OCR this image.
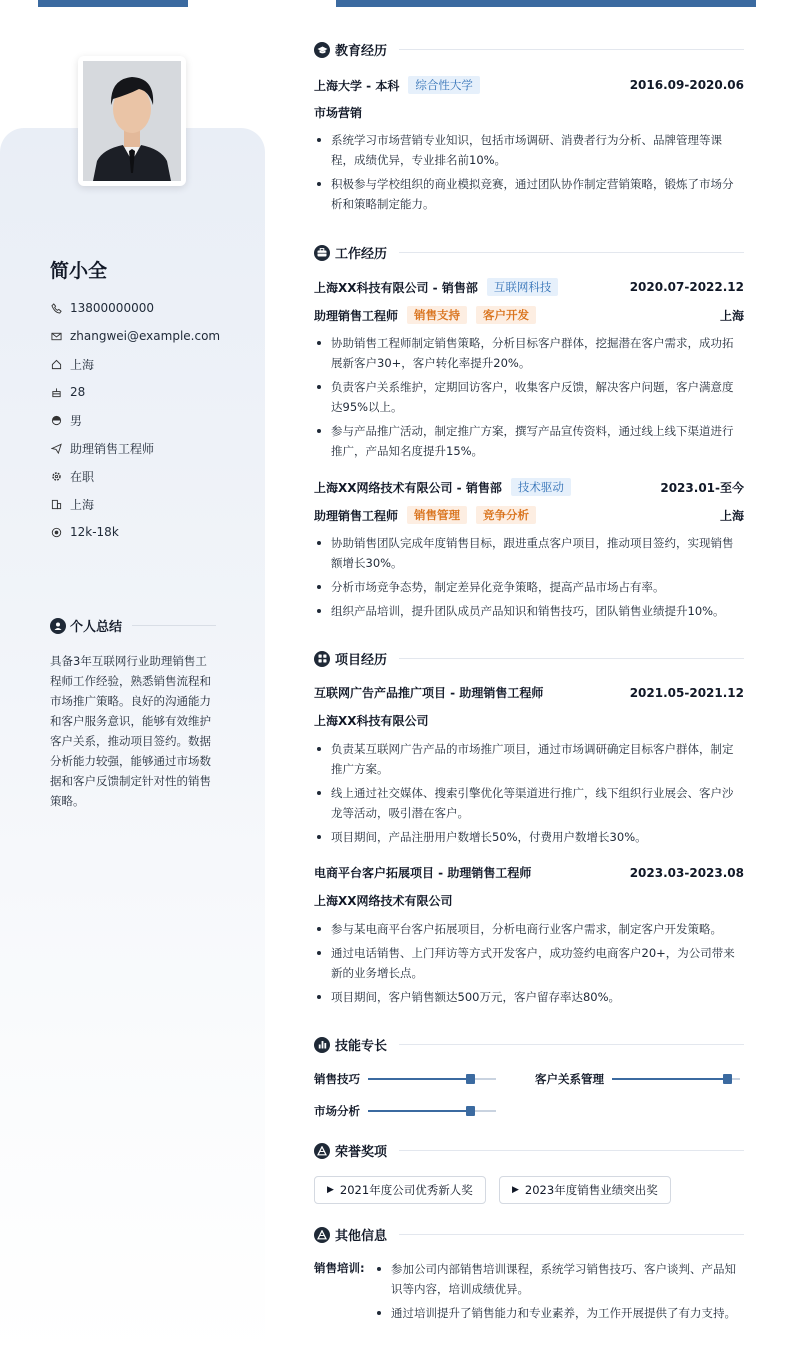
简小全
13800000000
zhangwei@example.com
上海
28
男
助理销售工程师
在职
上海
12k-18k
个人总结
具备3年互联网行业助理销售工程师工作经验，熟悉销售流程和市场推广策略。良好的沟通能力和客户服务意识，能够有效维护客户关系，推动项目签约。数据分析能力较强，能够通过市场数据和客户反馈制定针对性的销售策略。
教育经历
上海大学 - 本科	综合性大学	2016.09-2020.06
市场营销
系统学习市场营销专业知识，包括市场调研、消费者行为分析、品牌管理等课程，成绩优异，专业排名前10%。
积极参与学校组织的商业模拟竞赛，通过团队协作制定营销策略，锻炼了市场分析和策略制定能力。
工作经历
上海XX科技有限公司 - 销售部	互联网科技	2020.07-2022.12
助理销售工程师	销售支持	客户开发	上海
协助销售工程师制定销售策略，分析目标客户群体，挖掘潜在客户需求，成功拓展新客户30+，客户转化率提升20%。
负责客户关系维护，定期回访客户，收集客户反馈，解决客户问题，客户满意度达95%以上。
参与产品推广活动，制定推广方案，撰写产品宣传资料，通过线上线下渠道进行推广，产品知名度提升15%。
上海XX网络技术有限公司 - 销售部	技术驱动	2023.01-至今
助理销售工程师	销售管理	竞争分析	上海
协助销售团队完成年度销售目标，跟进重点客户项目，推动项目签约，实现销售额增长30%。
分析市场竞争态势，制定差异化竞争策略，提高产品市场占有率。
组织产品培训，提升团队成员产品知识和销售技巧，团队销售业绩提升10%。
项目经历
互联网广告产品推广项目 - 助理销售工程师	2021.05-2021.12
上海XX科技有限公司
负责某互联网广告产品的市场推广项目，通过市场调研确定目标客户群体，制定推广方案。
线上通过社交媒体、搜索引擎优化等渠道进行推广，线下组织行业展会、客户沙龙等活动，吸引潜在客户。
项目期间，产品注册用户数增长50%，付费用户数增长30%。
电商平台客户拓展项目 - 助理销售工程师	2023.03-2023.08
上海XX网络技术有限公司
参与某电商平台客户拓展项目，分析电商行业客户需求，制定客户开发策略。
通过电话销售、上门拜访等方式开发客户，成功签约电商客户20+，为公司带来新的业务增长点。
项目期间，客户销售额达500万元，客户留存率达80%。
技能专长
销售技巧	客户关系管理
市场分析
荣誉奖项
▶ 2021年度公司优秀新人奖	▶ 2023年度销售业绩突出奖
其他信息
销售培训:	参加公司内部销售培训课程，系统学习销售技巧、客户谈判、产品知识等内容，培训成绩优异。
通过培训提升了销售能力和专业素养，为工作开展提供了有力支持。
